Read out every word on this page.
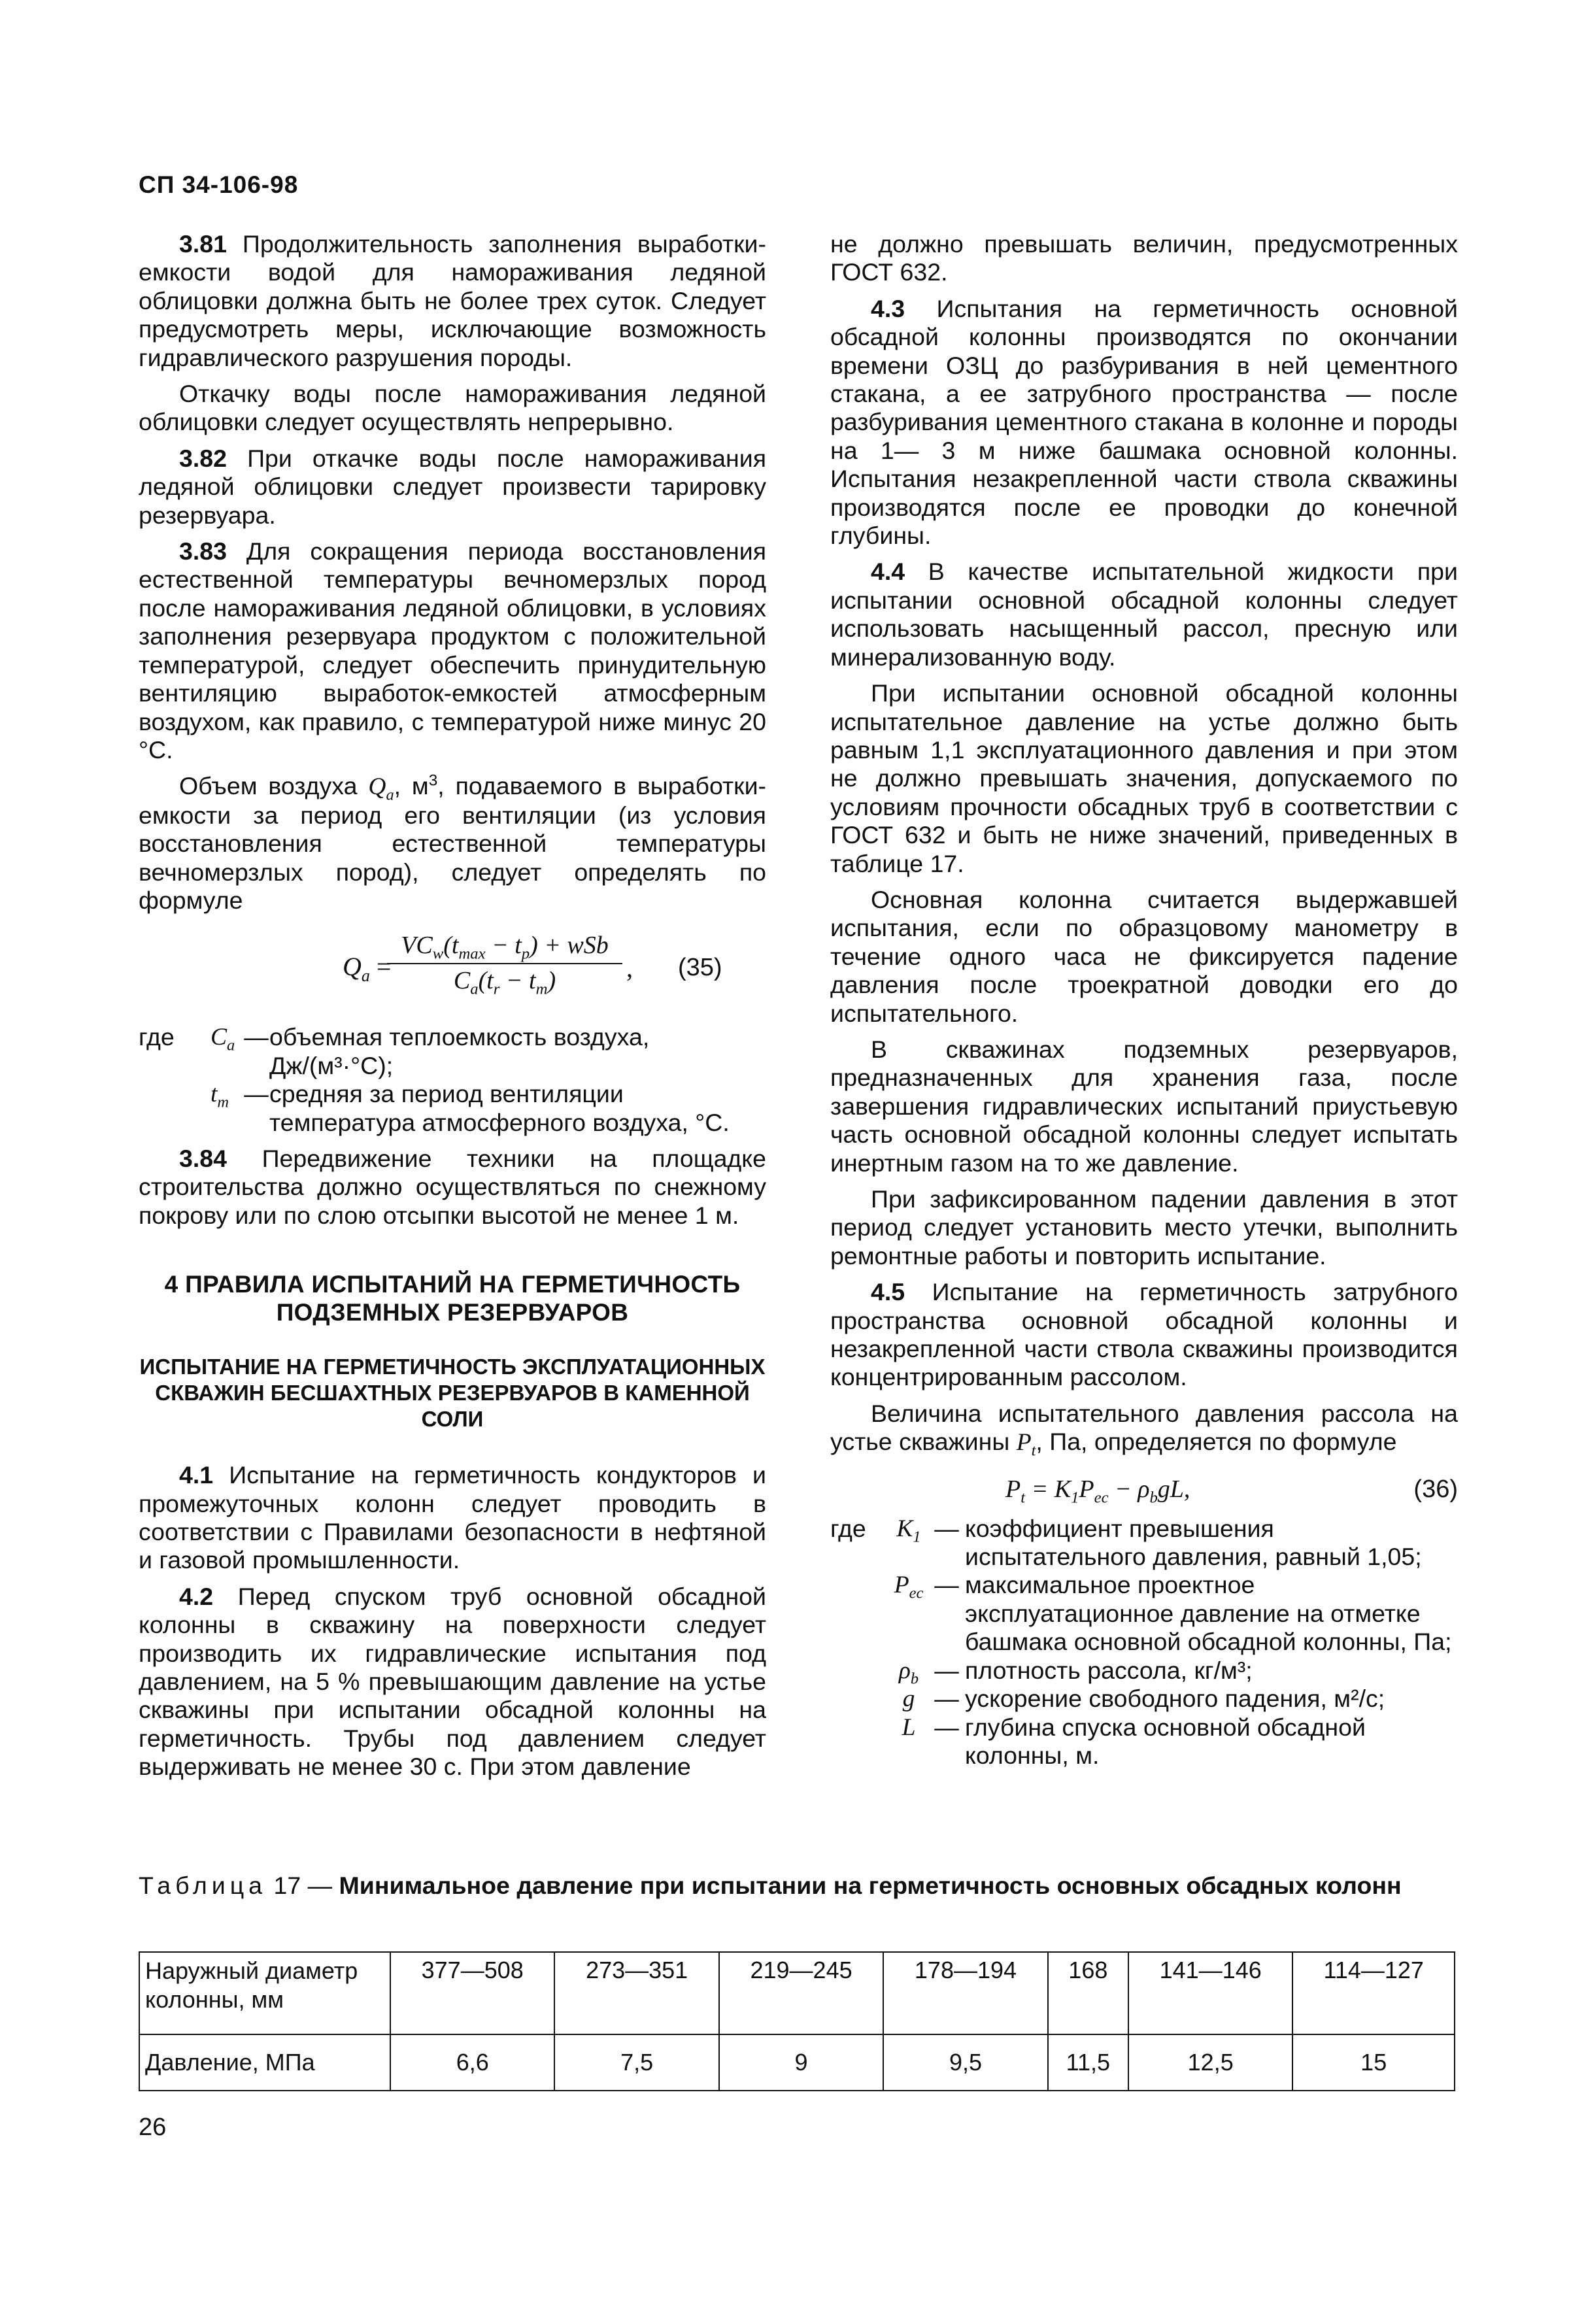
СП 34-106-98

3.81 Продолжительность заполнения выработки-емкости водой для намораживания ледяной облицовки должна быть не более трех суток. Следует предусмотреть меры, исключающие возможность гидравлического разрушения породы.

Откачку воды после намораживания ледяной облицовки следует осуществлять непрерывно.

3.82 При откачке воды после намораживания ледяной облицовки следует произвести тарировку резервуара.

3.83 Для сокращения периода восстановления естественной температуры вечномерзлых пород после намораживания ледяной облицовки, в условиях заполнения резервуара продуктом с положительной температурой, следует обеспечить принудительную вентиляцию выработок-емкостей атмосферным воздухом, как правило, с температурой ниже минус 20 °С.

Объем воздуха $Q_a$, $м^3$, подаваемого в выработки-емкости за период его вентиляции (из условия восстановления естественной температуры вечномерзлых пород), следует определять по формуле

$Q_a$ =
$VC_w(t_{max} - t_p)$ + wSb
$C_a(t_r - t_m)$	, (35)
где	$C_a$ — объемная теплоемкость воздуха, Дж/(м³·°С);
$t_m$ — средняя за период вентиляции температура атмосферного воздуха, °С.

3.84 Передвижение техники на площадке строительства должно осуществляться по снежному покрову или по слою отсыпки высотой не менее 1 м.

4 ПРАВИЛА ИСПЫТАНИЙ НА ГЕРМЕТИЧНОСТЬ ПОДЗЕМНЫХ РЕЗЕРВУАРОВ
ИСПЫТАНИЕ НА ГЕРМЕТИЧНОСТЬ ЭКСПЛУАТАЦИОННЫХ СКВАЖИН БЕСШАХТНЫХ РЕЗЕРВУАРОВ В КАМЕННОЙ СОЛИ

4.1 Испытание на герметичность кондукторов и промежуточных колонн следует проводить в соответствии с Правилами безопасности в нефтяной и газовой промышленности.

4.2 Перед спуском труб основной обсадной колонны в скважину на поверхности следует производить их гидравлические испытания под давлением, на 5 % превышающим давление на устье скважины при испытании обсадной колонны на герметичность. Трубы под давлением следует выдерживать не менее 30 с. При этом давление

не должно превышать величин, предусмотренных ГОСТ 632.

4.3 Испытания на герметичность основной обсадной колонны производятся по окончании времени ОЗЦ до разбуривания в ней цементного стакана, а ее затрубного пространства — после разбуривания цементного стакана в колонне и породы на 1— 3 м ниже башмака основной колонны. Испытания незакрепленной части ствола скважины производятся после ее проводки до конечной глубины.

4.4 В качестве испытательной жидкости при испытании основной обсадной колонны следует использовать насыщенный рассол, пресную или минерализованную воду.

При испытании основной обсадной колонны испытательное давление на устье должно быть равным 1,1 эксплуатационного давления и при этом не должно превышать значения, допускаемого по условиям прочности обсадных труб в соответствии с ГОСТ 632 и быть не ниже значений, приведенных в таблице 17.

Основная колонна считается выдержавшей испытания, если по образцовому манометру в течение одного часа не фиксируется падение давления после троекратной доводки его до испытательного.

В скважинах подземных резервуаров, предназначенных для хранения газа, после завершения гидравлических испытаний приустьевую часть основной обсадной колонны следует испытать инертным газом на то же давление.

При зафиксированном падении давления в этот период следует установить место утечки, выполнить ремонтные работы и повторить испытание.

4.5 Испытание на герметичность затрубного пространства основной обсадной колонны и незакрепленной части ствола скважины производится концентрированным рассолом.

Величина испытательного давления рассола на устье скважины $P_t$, Па, определяется по формуле

$P_t = K_1P_{ec} - \rho_bgL$,	(36)
где	$K_1$ — коэффициент превышения испытательного давления, равный 1,05;
$P_{ec}$ — максимальное проектное эксплуатационное давление на отметке башмака основной обсадной колонны, Па;
$\rho_b$ — плотность рассола, кг/м³;
g — ускорение свободного падения, м²/с;
L — глубина спуска основной обсадной колонны, м.
Таблица 17 — Минимальное давление при испытании на герметичность основных обсадных колонн
Наружный диаметр колонны, мм	377—508	273—351	219—245	178—194	168	141—146	114—127
Давление, МПа	6,6	7,5	9	9,5	11,5	12,5	15
26
